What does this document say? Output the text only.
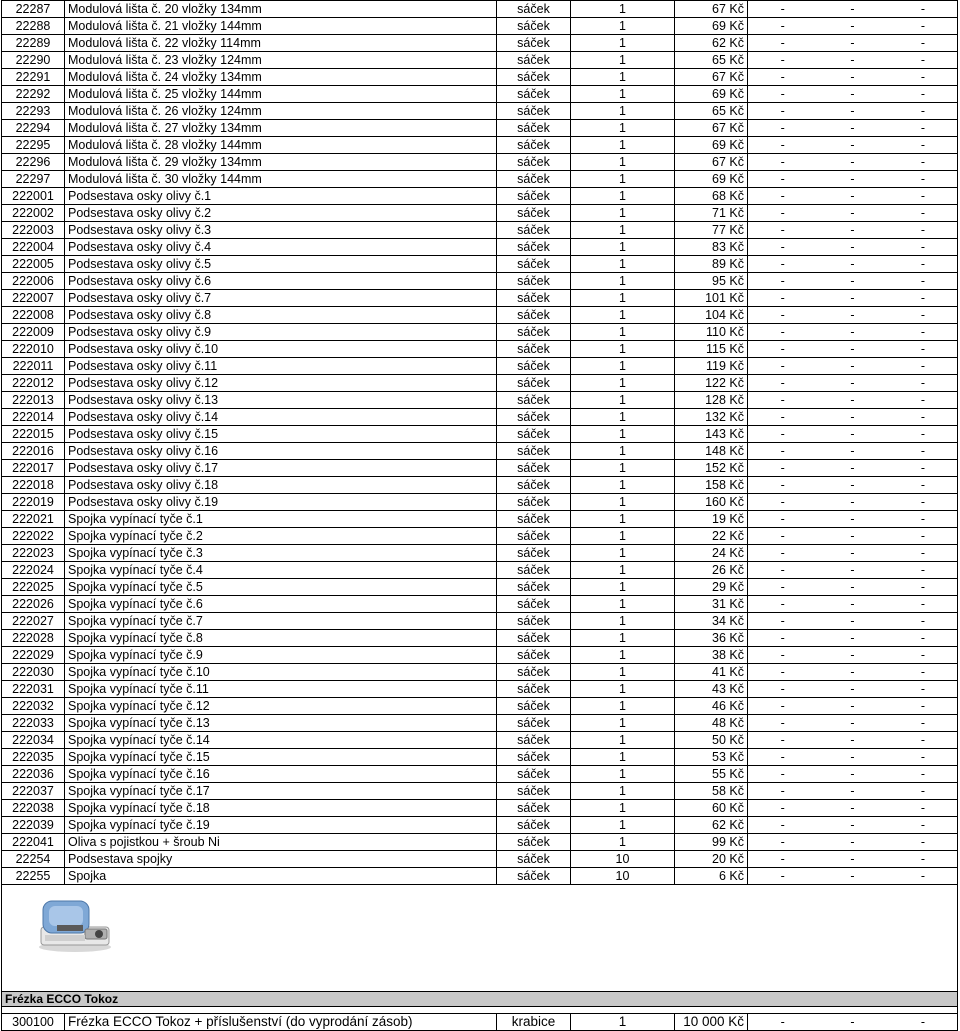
22287	Modulová lišta č. 20 vložky 134mm	sáček	1	67 Kč	-	-	-
22288	Modulová lišta č. 21 vložky 144mm	sáček	1	69 Kč	-	-	-
22289	Modulová lišta č. 22 vložky 114mm	sáček	1	62 Kč	-	-	-
22290	Modulová lišta č. 23 vložky 124mm	sáček	1	65 Kč	-	-	-
22291	Modulová lišta č. 24 vložky 134mm	sáček	1	67 Kč	-	-	-
22292	Modulová lišta č. 25 vložky 144mm	sáček	1	69 Kč	-	-	-
22293	Modulová lišta č. 26 vložky 124mm	sáček	1	65 Kč	-	-	-
22294	Modulová lišta č. 27 vložky 134mm	sáček	1	67 Kč	-	-	-
22295	Modulová lišta č. 28 vložky 144mm	sáček	1	69 Kč	-	-	-
22296	Modulová lišta č. 29 vložky 134mm	sáček	1	67 Kč	-	-	-
22297	Modulová lišta č. 30 vložky 144mm	sáček	1	69 Kč	-	-	-
222001	Podsestava osky olivy č.1	sáček	1	68 Kč	-	-	-
222002	Podsestava osky olivy č.2	sáček	1	71 Kč	-	-	-
222003	Podsestava osky olivy č.3	sáček	1	77 Kč	-	-	-
222004	Podsestava osky olivy č.4	sáček	1	83 Kč	-	-	-
222005	Podsestava osky olivy č.5	sáček	1	89 Kč	-	-	-
222006	Podsestava osky olivy č.6	sáček	1	95 Kč	-	-	-
222007	Podsestava osky olivy č.7	sáček	1	101 Kč	-	-	-
222008	Podsestava osky olivy č.8	sáček	1	104 Kč	-	-	-
222009	Podsestava osky olivy č.9	sáček	1	110 Kč	-	-	-
222010	Podsestava osky olivy č.10	sáček	1	115 Kč	-	-	-
222011	Podsestava osky olivy č.11	sáček	1	119 Kč	-	-	-
222012	Podsestava osky olivy č.12	sáček	1	122 Kč	-	-	-
222013	Podsestava osky olivy č.13	sáček	1	128 Kč	-	-	-
222014	Podsestava osky olivy č.14	sáček	1	132 Kč	-	-	-
222015	Podsestava osky olivy č.15	sáček	1	143 Kč	-	-	-
222016	Podsestava osky olivy č.16	sáček	1	148 Kč	-	-	-
222017	Podsestava osky olivy č.17	sáček	1	152 Kč	-	-	-
222018	Podsestava osky olivy č.18	sáček	1	158 Kč	-	-	-
222019	Podsestava osky olivy č.19	sáček	1	160 Kč	-	-	-
222021	Spojka vypínací tyče č.1	sáček	1	19 Kč	-	-	-
222022	Spojka vypínací tyče č.2	sáček	1	22 Kč	-	-	-
222023	Spojka vypínací tyče č.3	sáček	1	24 Kč	-	-	-
222024	Spojka vypínací tyče č.4	sáček	1	26 Kč	-	-	-
222025	Spojka vypínací tyče č.5	sáček	1	29 Kč	-	-	-
222026	Spojka vypínací tyče č.6	sáček	1	31 Kč	-	-	-
222027	Spojka vypínací tyče č.7	sáček	1	34 Kč	-	-	-
222028	Spojka vypínací tyče č.8	sáček	1	36 Kč	-	-	-
222029	Spojka vypínací tyče č.9	sáček	1	38 Kč	-	-	-
222030	Spojka vypínací tyče č.10	sáček	1	41 Kč	-	-	-
222031	Spojka vypínací tyče č.11	sáček	1	43 Kč	-	-	-
222032	Spojka vypínací tyče č.12	sáček	1	46 Kč	-	-	-
222033	Spojka vypínací tyče č.13	sáček	1	48 Kč	-	-	-
222034	Spojka vypínací tyče č.14	sáček	1	50 Kč	-	-	-
222035	Spojka vypínací tyče č.15	sáček	1	53 Kč	-	-	-
222036	Spojka vypínací tyče č.16	sáček	1	55 Kč	-	-	-
222037	Spojka vypínací tyče č.17	sáček	1	58 Kč	-	-	-
222038	Spojka vypínací tyče č.18	sáček	1	60 Kč	-	-	-
222039	Spojka vypínací tyče č.19	sáček	1	62 Kč	-	-	-
222041	Oliva s pojistkou + šroub Ni	sáček	1	99 Kč	-	-	-
22254	Podsestava spojky	sáček	10	20 Kč	-	-	-
22255	Spojka	sáček	10	6 Kč	-	-	-

Frézka ECCO Tokoz							

300100	Frézka ECCO Tokoz + příslušenství (do vyprodání zásob)	krabice	1	10 000 Kč	-	-	-
